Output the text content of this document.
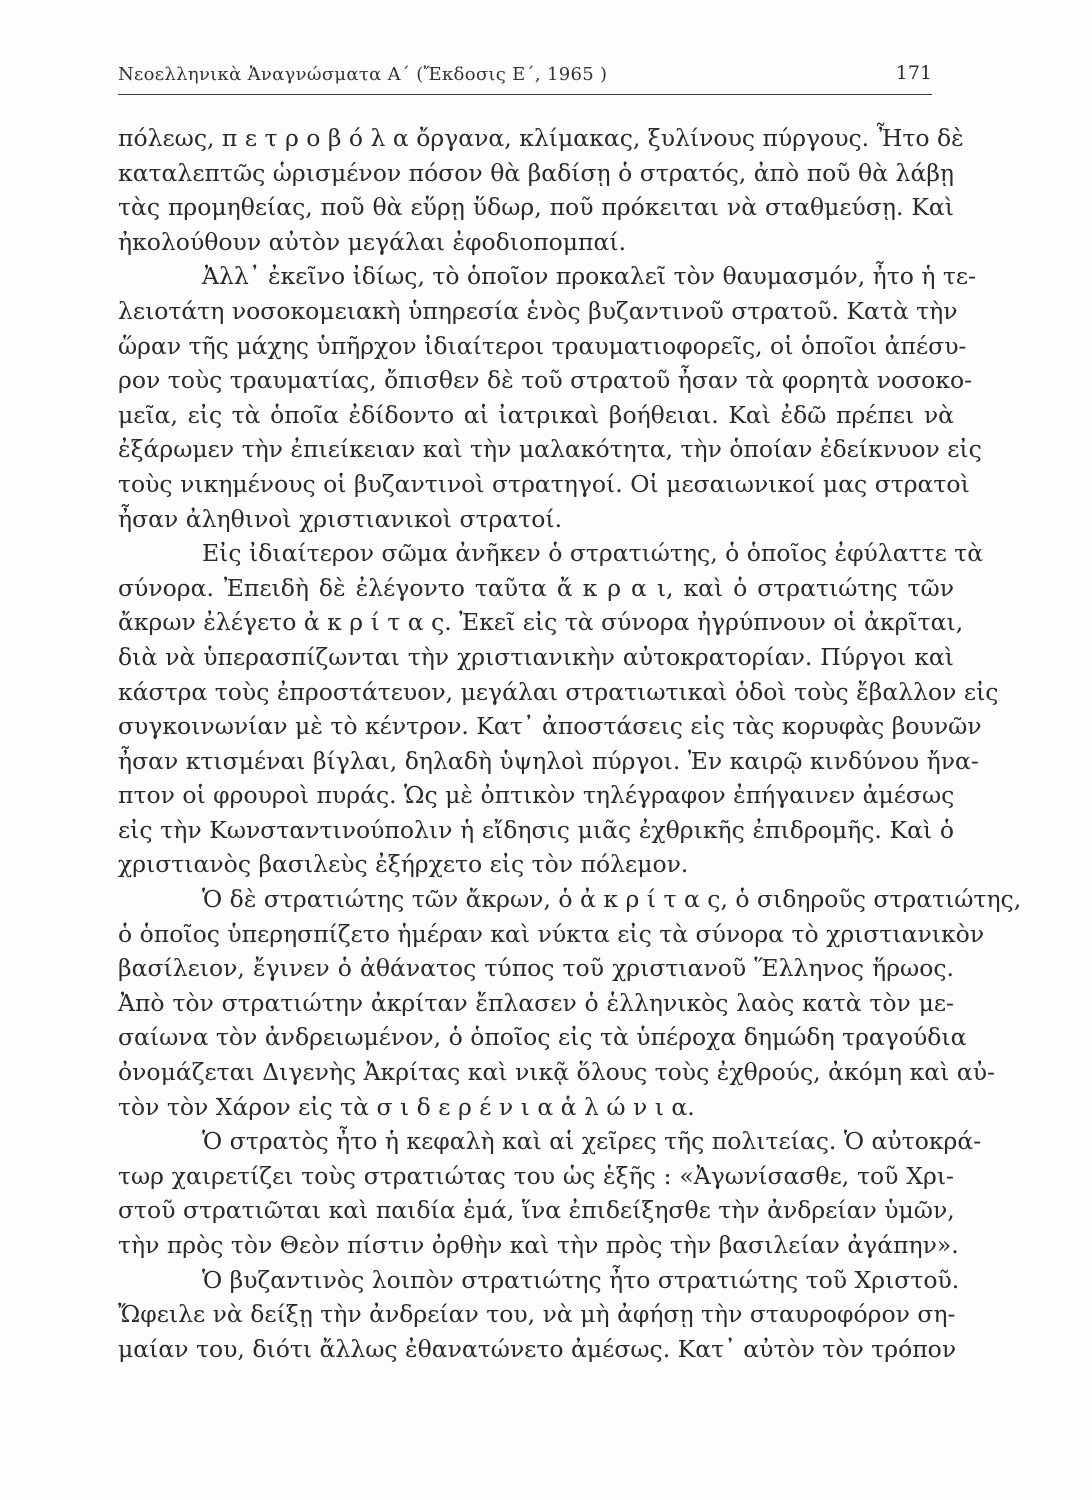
Νεοελληνικὰ Ἀναγνώσματα Α΄ (Ἔκδοσις Ε΄, 1965 )	171
πόλεως, π ε τ ρ ο β ό λ α ὄργανα, κλίμακας, ξυλίνους πύργους. Ἦτο δὲ
καταλεπτῶς ὡρισμένον πόσον θὰ βαδίσῃ ὁ στρατός, ἀπὸ ποῦ θὰ λάβῃ
τὰς προμηθείας, ποῦ θὰ εὕρῃ ὕδωρ, ποῦ πρόκειται νὰ σταθμεύσῃ. Καὶ
ἠκολούθουν αὐτὸν μεγάλαι ἐφοδιοπομπαί.
Ἀλλ᾽ ἐκεῖνο ἰδίως, τὸ ὁποῖον προκαλεῖ τὸν θαυμασμόν, ἦτο ἡ τε-
λειοτάτη νοσοκομειακὴ ὑπηρεσία ἑνὸς βυζαντινοῦ στρατοῦ. Κατὰ τὴν
ὥραν τῆς μάχης ὑπῆρχον ἰδιαίτεροι τραυματιοφορεῖς, οἱ ὁποῖοι ἀπέσυ-
ρον τοὺς τραυματίας, ὄπισθεν δὲ τοῦ στρατοῦ ἦσαν τὰ φορητὰ νοσοκο-
μεῖα, εἰς τὰ ὁποῖα ἐδίδοντο αἱ ἰατρικαὶ βοήθειαι. Καὶ ἐδῶ πρέπει νὰ
ἐξάρωμεν τὴν ἐπιείκειαν καὶ τὴν μαλακότητα, τὴν ὁποίαν ἐδείκνυον εἰς
τοὺς νικημένους οἱ βυζαντινοὶ στρατηγοί. Οἱ μεσαιωνικοί μας στρατοὶ
ἦσαν ἀληθινοὶ χριστιανικοὶ στρατοί.
Εἰς ἰδιαίτερον σῶμα ἀνῆκεν ὁ στρατιώτης, ὁ ὁποῖος ἐφύλαττε τὰ
σύνορα. Ἐπειδὴ δὲ ἐλέγοντο ταῦτα ἄ κ ρ α ι, καὶ ὁ στρατιώτης τῶν
ἄκρων ἐλέγετο ἀ κ ρ ί τ α ς. Ἐκεῖ εἰς τὰ σύνορα ἠγρύπνουν οἱ ἀκρῖται,
διὰ νὰ ὑπερασπίζωνται τὴν χριστιανικὴν αὐτοκρατορίαν. Πύργοι καὶ
κάστρα τοὺς ἐπροστάτευον, μεγάλαι στρατιωτικαὶ ὁδοὶ τοὺς ἔβαλλον εἰς
συγκοινωνίαν μὲ τὸ κέντρον. Κατ᾽ ἀποστάσεις εἰς τὰς κορυφὰς βουνῶν
ἦσαν κτισμέναι βίγλαι, δηλαδὴ ὑψηλοὶ πύργοι. Ἐν καιρῷ κινδύνου ἤνα-
πτον οἱ φρουροὶ πυράς. Ὡς μὲ ὀπτικὸν τηλέγραφον ἐπήγαινεν ἀμέσως
εἰς τὴν Κωνσταντινούπολιν ἡ εἴδησις μιᾶς ἐχθρικῆς ἐπιδρομῆς. Καὶ ὁ
χριστιανὸς βασιλεὺς ἐξήρχετο εἰς τὸν πόλεμον.
Ὁ δὲ στρατιώτης τῶν ἄκρων, ὁ ἀ κ ρ ί τ α ς, ὁ σιδηροῦς στρατιώτης,
ὁ ὁποῖος ὑπερησπίζετο ἡμέραν καὶ νύκτα εἰς τὰ σύνορα τὸ χριστιανικὸν
βασίλειον, ἔγινεν ὁ ἀθάνατος τύπος τοῦ χριστιανοῦ Ἕλληνος ἥρωος.
Ἀπὸ τὸν στρατιώτην ἀκρίταν ἔπλασεν ὁ ἑλληνικὸς λαὸς κατὰ τὸν με-
σαίωνα τὸν ἀνδρειωμένον, ὁ ὁποῖος εἰς τὰ ὑπέροχα δημώδη τραγούδια
ὀνομάζεται Διγενὴς Ἀκρίτας καὶ νικᾷ ὅλους τοὺς ἐχθρούς, ἀκόμη καὶ αὐ-
τὸν τὸν Χάρον εἰς τὰ σ ι δ ε ρ έ ν ι α ἁ λ ώ ν ι α.
Ὁ στρατὸς ἦτο ἡ κεφαλὴ καὶ αἱ χεῖρες τῆς πολιτείας. Ὁ αὐτοκρά-
τωρ χαιρετίζει τοὺς στρατιώτας του ὡς ἑξῆς : «Ἀγωνίσασθε, τοῦ Χρι-
στοῦ στρατιῶται καὶ παιδία ἐμά, ἵνα ἐπιδείξησθε τὴν ἀνδρείαν ὑμῶν,
τὴν πρὸς τὸν Θεὸν πίστιν ὀρθὴν καὶ τὴν πρὸς τὴν βασιλείαν ἀγάπην».
Ὁ βυζαντινὸς λοιπὸν στρατιώτης ἦτο στρατιώτης τοῦ Χριστοῦ.
Ὤφειλε νὰ δείξῃ τὴν ἀνδρείαν του, νὰ μὴ ἀφήσῃ τὴν σταυροφόρον ση-
μαίαν του, διότι ἄλλως ἐθανατώνετο ἀμέσως. Κατ᾽ αὐτὸν τὸν τρόπον
